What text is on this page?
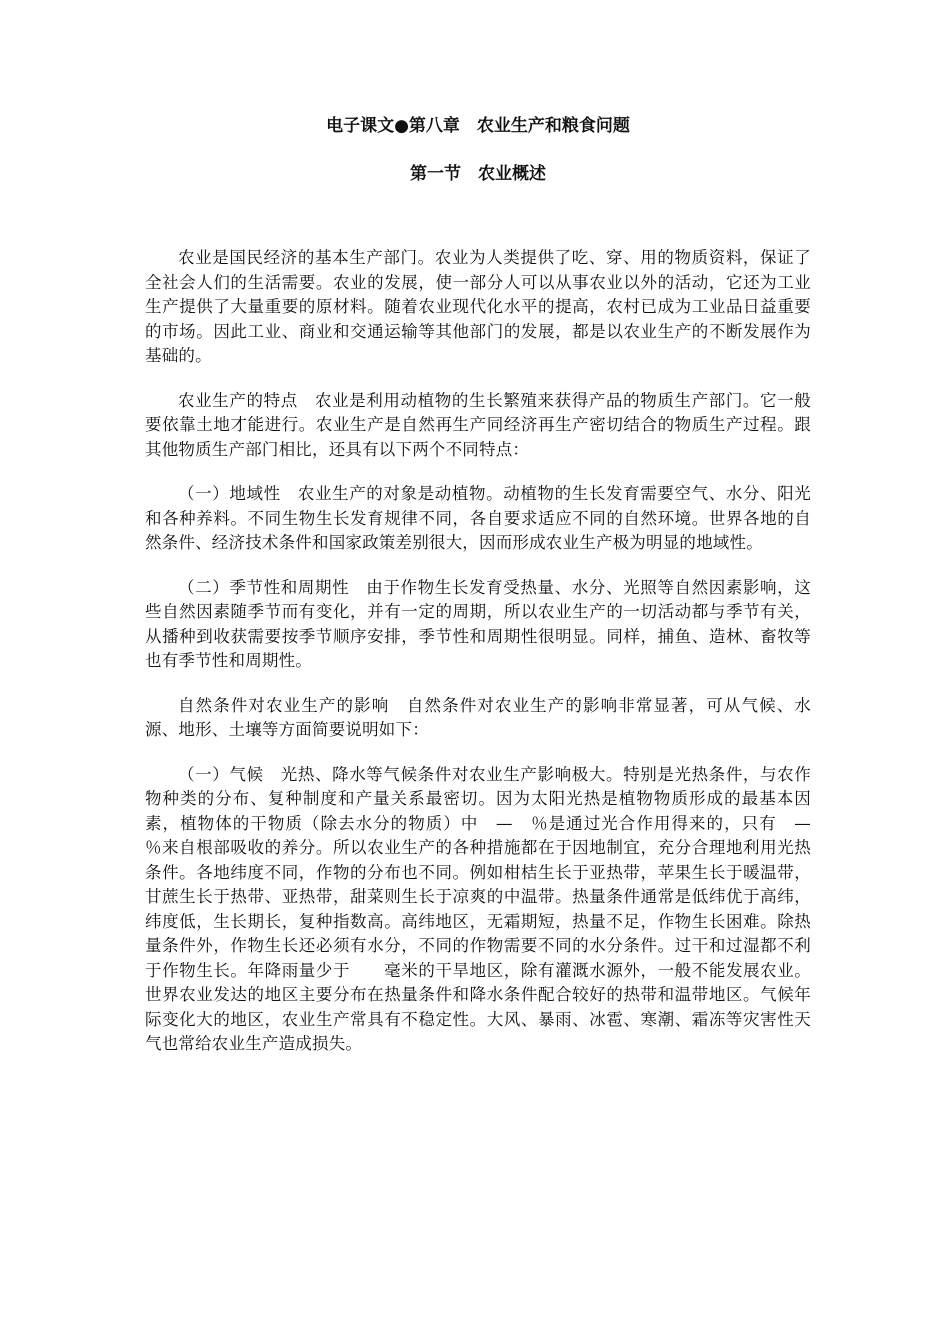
电子课文●第八章　农业生产和粮食问题
第一节　农业概述

农业是国民经济的基本生产部门。农业为人类提供了吃、穿、用的物质资料，保证了全社会人们的生活需要。农业的发展，使一部分人可以从事农业以外的活动，它还为工业生产提供了大量重要的原材料。随着农业现代化水平的提高，农村已成为工业品日益重要的市场。因此工业、商业和交通运输等其他部门的发展，都是以农业生产的不断发展作为基础的。

农业生产的特点　农业是利用动植物的生长繁殖来获得产品的物质生产部门。它一般要依靠土地才能进行。农业生产是自然再生产同经济再生产密切结合的物质生产过程。跟其他物质生产部门相比，还具有以下两个不同特点：

（一）地域性　农业生产的对象是动植物。动植物的生长发育需要空气、水分、阳光和各种养料。不同生物生长发育规律不同，各自要求适应不同的自然环境。世界各地的自然条件、经济技术条件和国家政策差别很大，因而形成农业生产极为明显的地域性。

（二）季节性和周期性　由于作物生长发育受热量、水分、光照等自然因素影响，这些自然因素随季节而有变化，并有一定的周期，所以农业生产的一切活动都与季节有关，从播种到收获需要按季节顺序安排，季节性和周期性很明显。同样，捕鱼、造林、畜牧等也有季节性和周期性。

自然条件对农业生产的影响　自然条件对农业生产的影响非常显著，可从气候、水源、地形、土壤等方面简要说明如下：

（一）气候　光热、降水等气候条件对农业生产影响极大。特别是光热条件，与农作物种类的分布、复种制度和产量关系最密切。因为太阳光热是植物物质形成的最基本因素，植物体的干物质（除去水分的物质）中　—　％是通过光合作用得来的，只有　—　％来自根部吸收的养分。所以农业生产的各种措施都在于因地制宜，充分合理地利用光热条件。各地纬度不同，作物的分布也不同。例如柑桔生长于亚热带，苹果生长于暖温带，甘蔗生长于热带、亚热带，甜菜则生长于凉爽的中温带。热量条件通常是低纬优于高纬，纬度低，生长期长，复种指数高。高纬地区，无霜期短，热量不足，作物生长困难。除热量条件外，作物生长还必须有水分，不同的作物需要不同的水分条件。过干和过湿都不利于作物生长。年降雨量少于　　毫米的干旱地区，除有灌溉水源外，一般不能发展农业。世界农业发达的地区主要分布在热量条件和降水条件配合较好的热带和温带地区。气候年际变化大的地区，农业生产常具有不稳定性。大风、暴雨、冰雹、寒潮、霜冻等灾害性天气也常给农业生产造成损失。
